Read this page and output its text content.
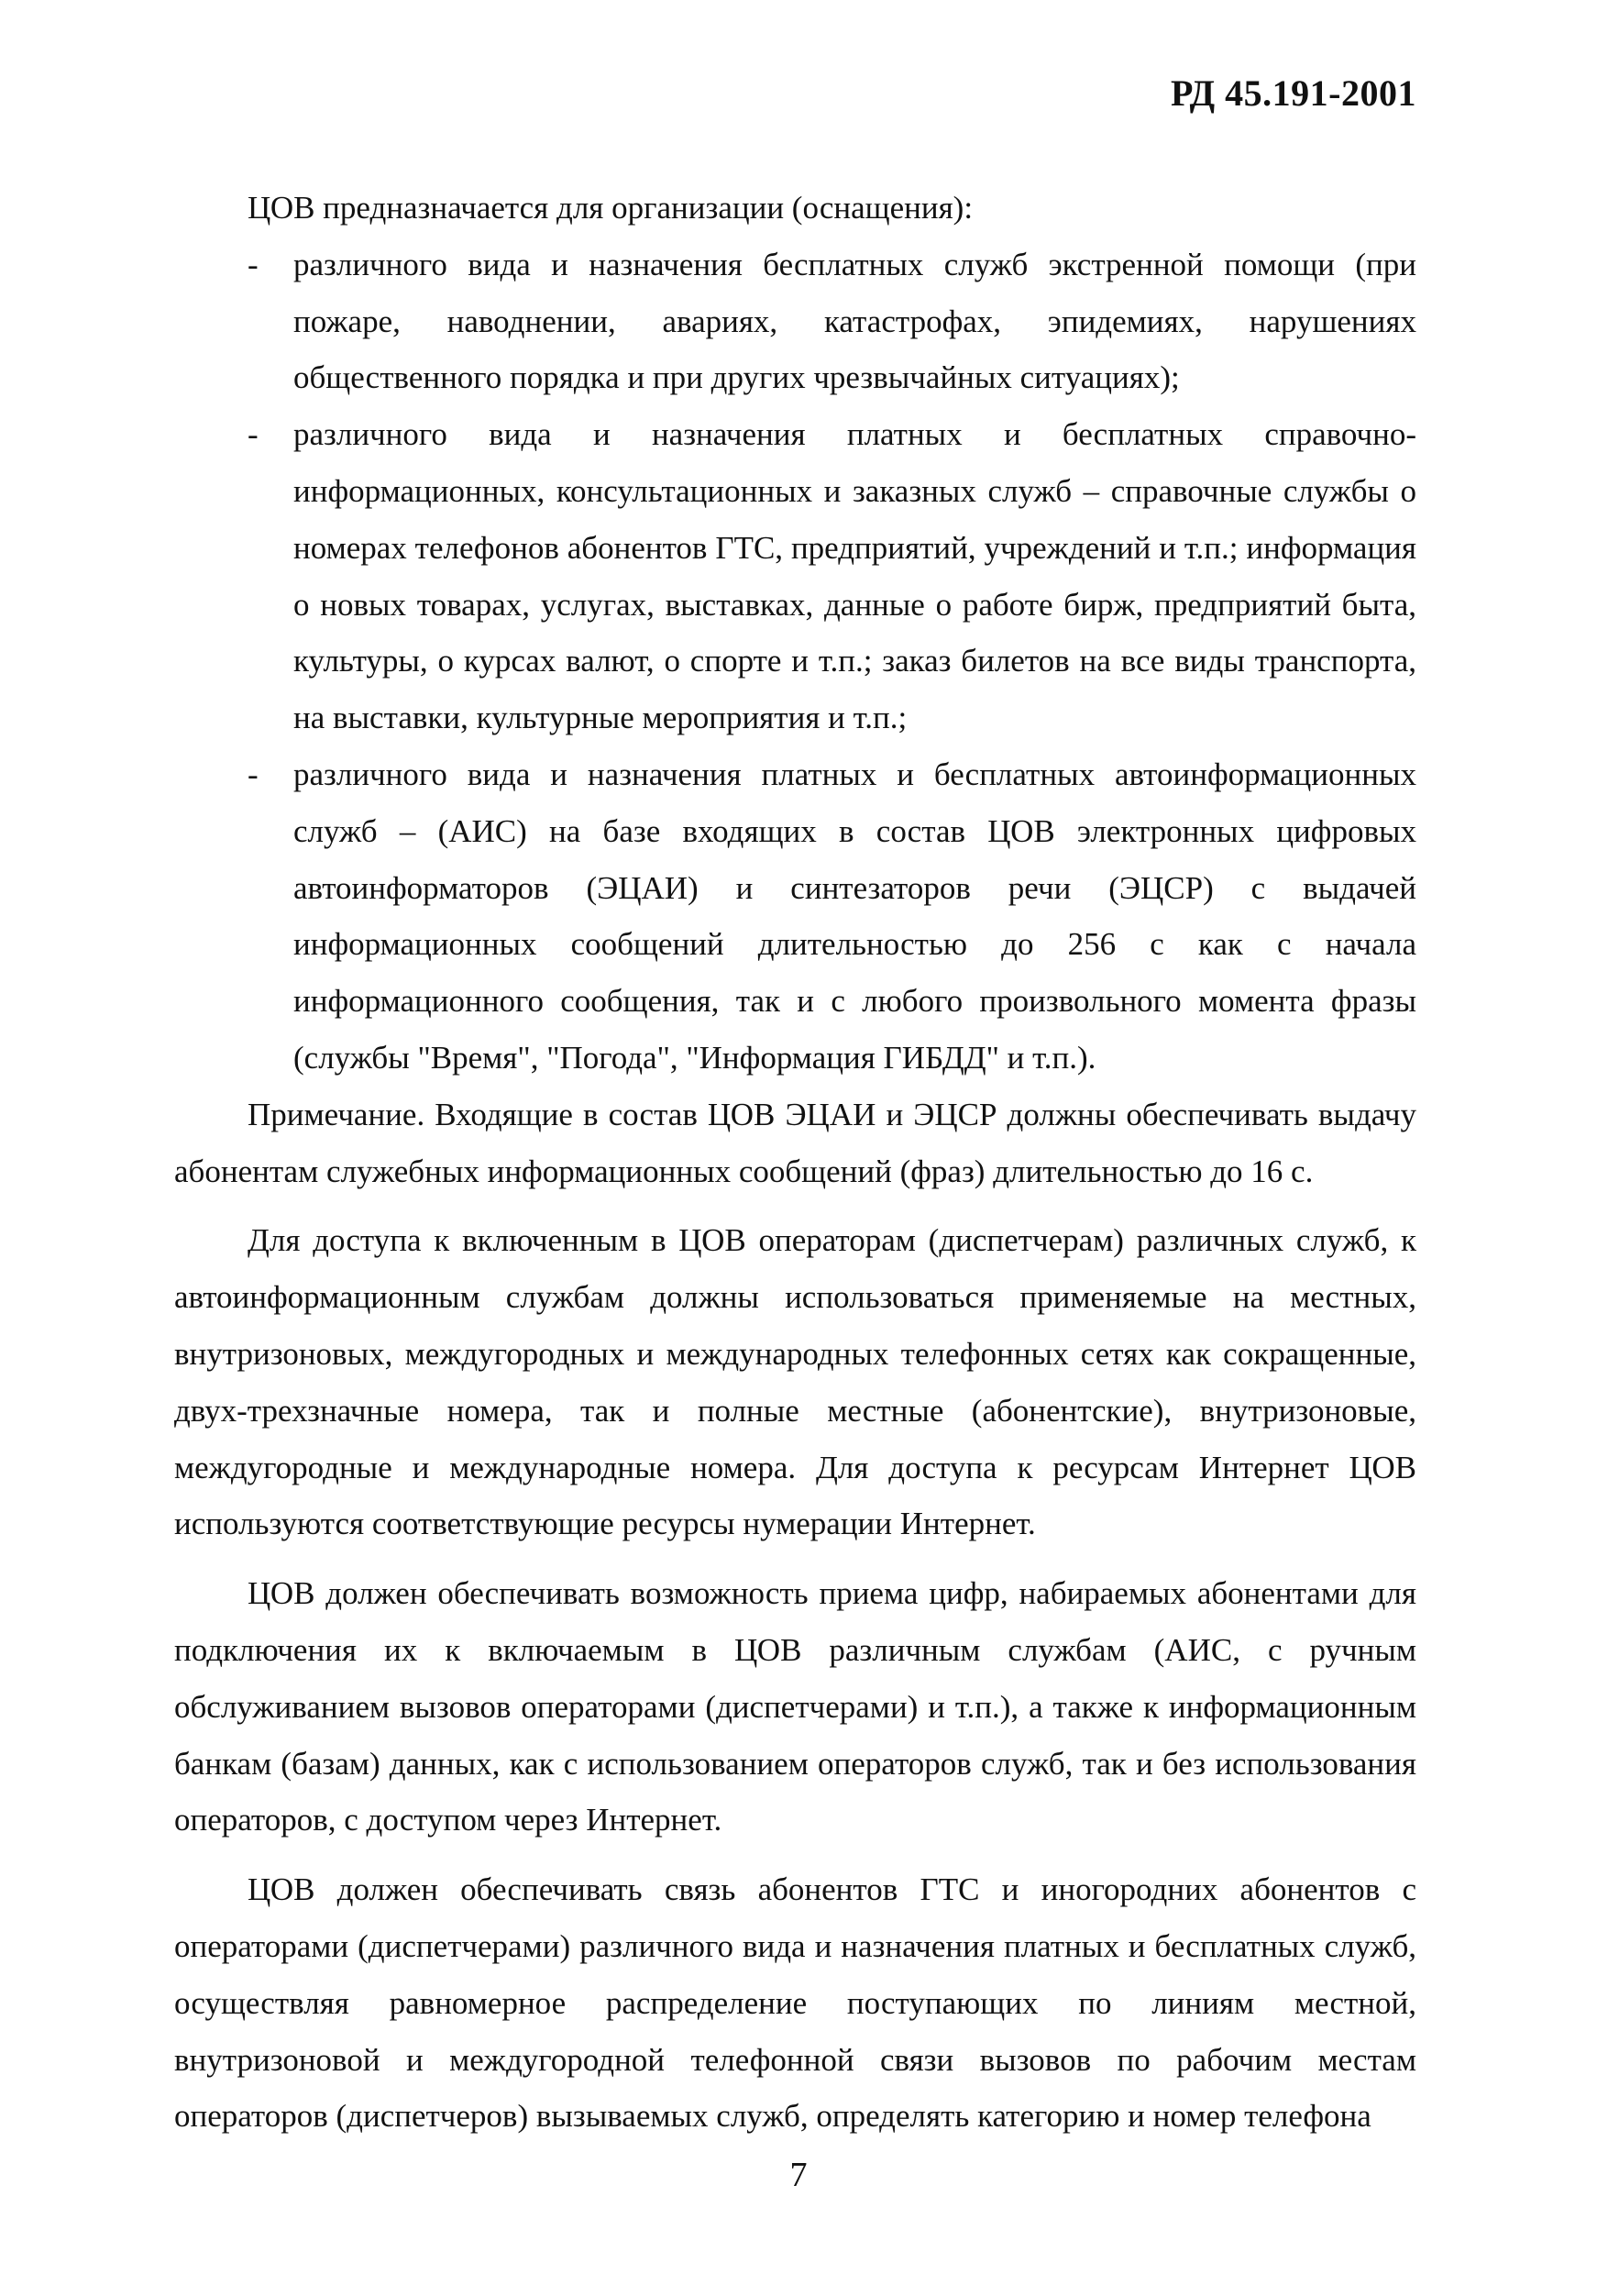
РД 45.191-2001

ЦОВ предназначается для организации (оснащения):

- различного вида и назначения бесплатных служб экстренной помощи (при пожаре, наводнении, авариях, катастрофах, эпидемиях, нарушениях общественного порядка и при других чрезвычайных ситуациях);
- различного вида и назначения платных и бесплатных справочно-информационных, консультационных и заказных служб – справочные службы о номерах телефонов абонентов ГТС, предприятий, учреждений и т.п.; информация о новых товарах, услугах, выставках, данные о работе бирж, предприятий быта, культуры, о курсах валют, о спорте и т.п.; заказ билетов на все виды транспорта, на выставки, культурные мероприятия и т.п.;
- различного вида и назначения платных и бесплатных автоинформационных служб – (АИС) на базе входящих в состав ЦОВ электронных цифровых автоинформаторов (ЭЦАИ) и синтезаторов речи (ЭЦСР) с выдачей информационных сообщений длительностью до 256 с как с начала информационного сообщения, так и с любого произвольного момента фразы (службы "Время", "Погода", "Информация ГИБДД" и т.п.).

Примечание. Входящие в состав ЦОВ ЭЦАИ и ЭЦСР должны обеспечивать выдачу абонентам служебных информационных сообщений (фраз) длительностью до 16 с.

Для доступа к включенным в ЦОВ операторам (диспетчерам) различных служб, к автоинформационным службам должны использоваться применяемые на местных, внутризоновых, междугородных и международных телефонных сетях как сокращенные, двух-трехзначные номера, так и полные местные (абонентские), внутризоновые, междугородные и международные номера. Для доступа к ресурсам Интернет ЦОВ используются соответствующие ресурсы нумерации Интернет.

ЦОВ должен обеспечивать возможность приема цифр, набираемых абонентами для подключения их к включаемым в ЦОВ различным службам (АИС, с ручным обслуживанием вызовов операторами (диспетчерами) и т.п.), а также к информационным банкам (базам) данных, как с использованием операторов служб, так и без использования операторов, с доступом через Интернет.

ЦОВ должен обеспечивать связь абонентов ГТС и иногородних абонентов с операторами (диспетчерами) различного вида и назначения платных и бесплатных служб, осуществляя равномерное распределение поступающих по линиям местной, внутризоновой и междугородной телефонной связи вызовов по рабочим местам операторов (диспетчеров) вызываемых служб, определять категорию и номер телефона

7
